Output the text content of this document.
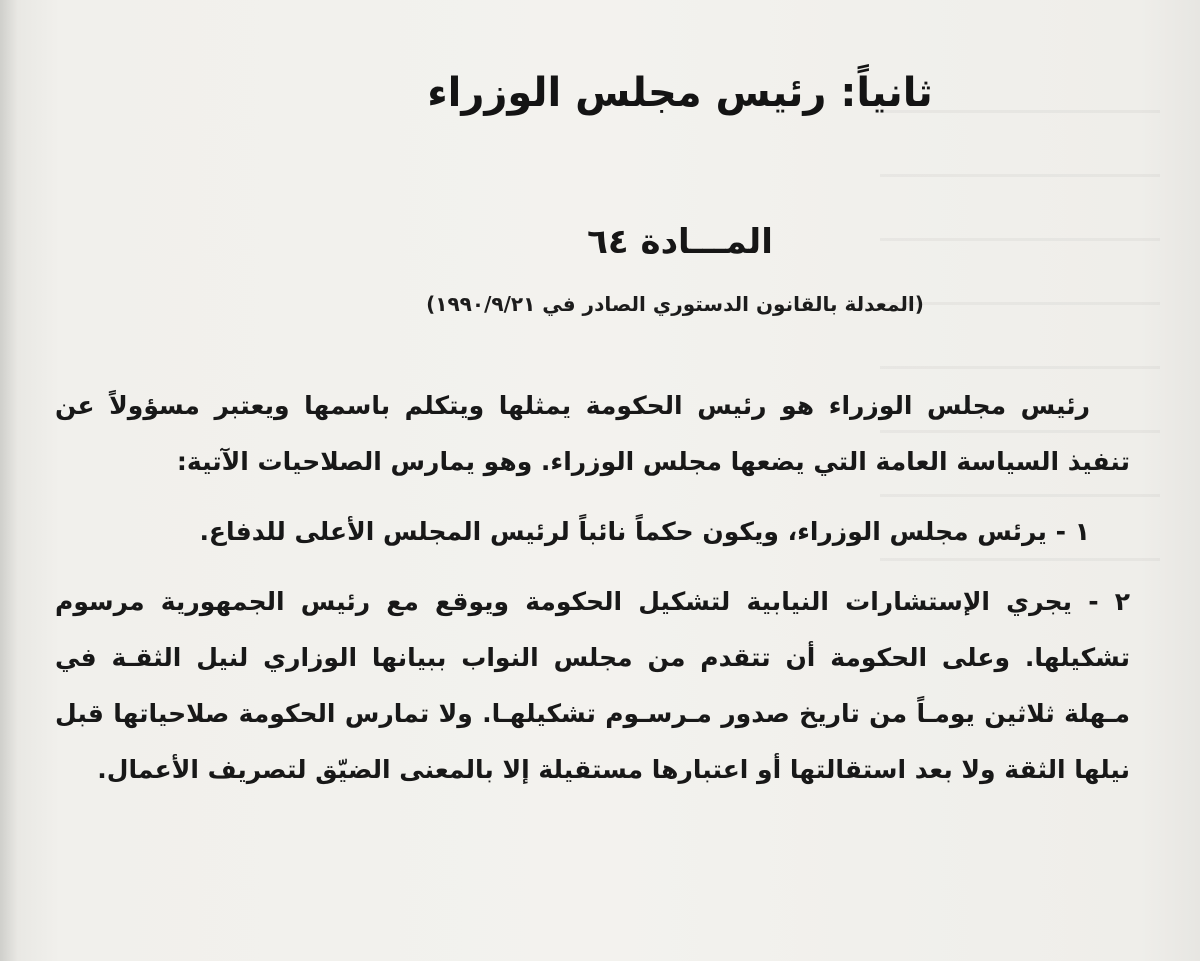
ثانياً: رئيس مجلس الوزراء
المـــادة ٦٤
(المعدلة بالقانون الدستوري الصادر في ١٩٩٠/٩/٢١)

رئيس مجلس الوزراء هو رئيس الحكومة يمثلها ويتكلم باسمها ويعتبر مسؤولاً عن تنفيذ السياسة العامة التي يضعها مجلس الوزراء. وهو يمارس الصلاحيات الآتية:

١ - يرئس مجلس الوزراء، ويكون حكماً نائباً لرئيس المجلس الأعلى للدفاع.

٢ - يجري الإستشارات النيابية لتشكيل الحكومة ويوقع مع رئيس الجمهورية مرسوم تشكيلها. وعلى الحكومة أن تتقدم من مجلس النواب ببيانها الوزاري لنيل الثقـة في مـهلة ثلاثين يومـاً من تاريخ صدور مـرسـوم تشكيلهـا. ولا تمارس الحكومة صلاحياتها قبل نيلها الثقة ولا بعد استقالتها أو اعتبارها مستقيلة إلا بالمعنى الضيّق لتصريف الأعمال.
